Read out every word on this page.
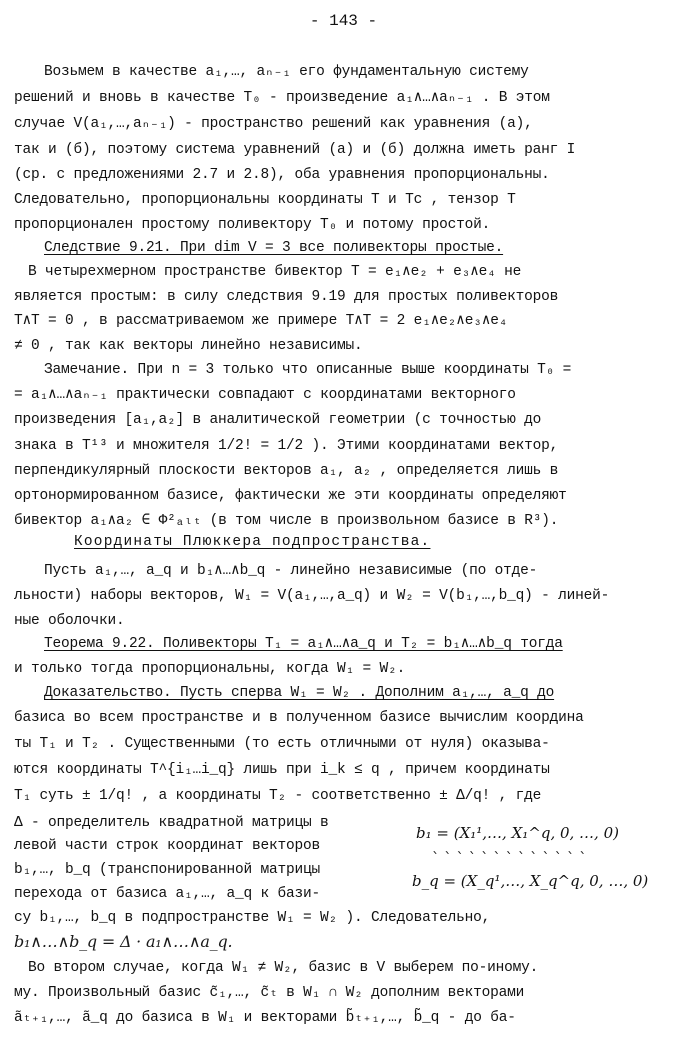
- 143 -
Возьмем в качестве a₁,…, aₙ₋₁ его фундаментальную систему
решений и вновь в качестве T₀ - произведение a₁∧…∧aₙ₋₁ . В этом
случае V(a₁,…,aₙ₋₁) - пространство решений как уравнения (a),
так и (б), поэтому система уравнений (a) и (б) должна иметь ранг I
(ср. с предложениями 2.7 и 2.8), оба уравнения пропорциональны.
Следовательно, пропорциональны координаты T и Tc , тензор T
пропорционален простому поливектору T₀ и потому простой.
Следствие 9.21. При dim V = 3 все поливекторы простые.
В четырехмерном пространстве бивектор T = e₁∧e₂ + e₃∧e₄ не
является простым: в силу следствия 9.19 для простых поливекторов
T∧T = 0 , в рассматриваемом же примере T∧T = 2 e₁∧e₂∧e₃∧e₄
≠ 0 , так как векторы линейно независимы.
Замечание. При n = 3 только что описанные выше координаты T₀ =
= a₁∧…∧aₙ₋₁ практически совпадают с координатами векторного
произведения [a₁,a₂] в аналитической геометрии (с точностью до
знака в T¹³ и множителя 1/2! = 1/2 ). Этими координатами вектор,
перпендикулярный плоскости векторов a₁, a₂ , определяется лишь в
ортонормированном базисе, фактически же эти координаты определяют
бивектор a₁∧a₂ ∈ Φ²ₐₗₜ (в том числе в произвольном базисе в R³).
Координаты Плюккера подпространства.
Пусть a₁,…, a_q и b₁∧…∧b_q - линейно независимые (по отде-
льности) наборы векторов, W₁ = V(a₁,…,a_q) и W₂ = V(b₁,…,b_q) - линей-
ные оболочки.
Теорема 9.22. Поливекторы T₁ = a₁∧…∧a_q и T₂ = b₁∧…∧b_q тогда
и только тогда пропорциональны, когда W₁ = W₂.
Доказательство. Пусть сперва W₁ = W₂ . Дополним a₁,…, a_q до
базиса во всем пространстве и в полученном базисе вычислим координа
ты T₁ и T₂ . Существенными (то есть отличными от нуля) оказыва-
ются координаты T^{i₁…i_q} лишь при i_k ≤ q , причем координаты
T₁ суть ± 1/q! , а координаты T₂ - соответственно ± Δ/q! , где
Δ - определитель квадратной матрицы в
левой части строк координат векторов
b₁,…, b_q (транспонированной матрицы
перехода от базиса a₁,…, a_q к бази-
b₁ = (X₁¹,…, X₁^q, 0, …, 0)
` ` ` ` ` ` ` ` ` ` ` ` `
b_q = (X_q¹,…, X_q^q, 0, …, 0)
су b₁,…, b_q в подпространстве W₁ = W₂ ). Следовательно,
b₁∧…∧b_q = Δ · a₁∧…∧a_q.
Во втором случае, когда W₁ ≠ W₂, базис в V выберем по-иному.
му. Произвольный базис c̃₁,…, c̃ₜ в W₁ ∩ W₂ дополним векторами
ãₜ₊₁,…, ã_q до базиса в W₁ и векторами b̃ₜ₊₁,…, b̃_q - до ба-
